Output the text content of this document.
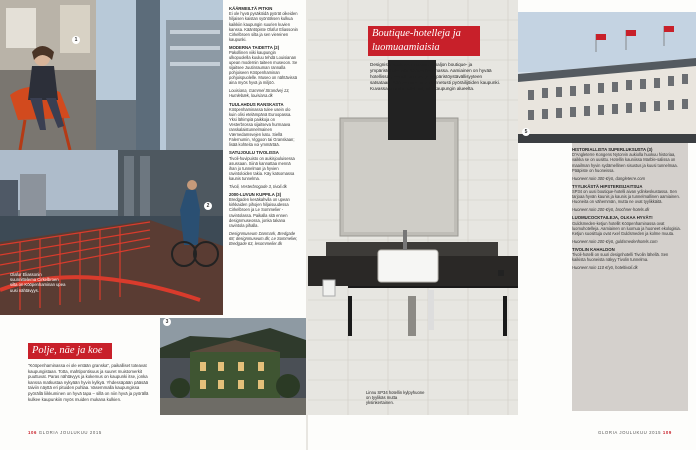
1
Olafur Eliassonin suunnittelema Cirkelbroen silta on Kööpenhaminan upea uusi nähtävyys.
2
Polje, näe ja koe
"Kööpenhaminassa ei ole entään granska", paikalliset toteavat kaupungistaan. Totta, mahtipontisuus ja suuret muistomerkit puuttuvat. Paras nähtävyys ja kokemus on kaupunki itse, jonka kanssa matkustaa nykyään hyvin kylkyä. Yhdessäpään pääsää taiviin näyttä eri pituiden puhlaa. Vasemmalla kaupungissa pyörällä liikkuminen on hyvä tapa – sillä on niin hyvä ja pyörällä kulkee kaupunkiin myös muiden mukana kulkien.
3
KÄÄRMEILTÄ PITKIN

Ei ole hyvä pysäköidä pyörät oikeiden hiljaisen kaistan syöntöksen kulkua kaikkiin kaupungin suurien kuvien kanssa. Kääntöpiste Olafur Eliassonin Cirkelbroen silta ja sen viereinen kaupunki.

MODERNA TAIDETTA (2)

Pakollinen viiki kaupungin ulkopuolella kuuluu tehdä Louisianan upean modernin taiteen museoon. Se sijaitsee Juutinrauman rannalla pohjoiseen Kööpenhaminan pohjoispuolelle. Museo on nähtävissä aina myös hyvä ja miljöö.

Louisiana, Gammel Strandvej 13, Humlebæk, louisiana.dk

TUULAHDUS RANSKASTA

Kööpenhaminassa tulee usein olo kuin olisi etelämpänä Euroopassa. Yksi lähimpiä paikkoja on Vesterbrossa sijaitseva hurmaava ranskalaistunnelmainen Værnedamsvejen katu. Siellä Falernumin, Viggoon tai Granskaan; lisää kohteita voi ymmärtää.

SATUJOULU TIVOLISSA

Tivoli-huvipuisto on aukisjouluisessa asussaan. Siinä kannattaa mennä ihan jo tunnelman ja hyvien ravintoloiden takia. Käy katsomassa kaunis tunnelma.

Tivoli, Vesterbrogade 3, tivoli.dk

2000-LUVUN KUPPILA (3)

Bredgaden kesäkahvila on upean kirkkaiden pihojen hiljaisuudessa Cirkelbroen ja Le Sommelier -ravintolassa. Paikalla sitä ennen designmuseossa, jonka takana ravintola pihalla.

Designmuseum Danmark, Bredgade 68; designmuseum.dk; Le Sommelier, Bredgade 63, lesommelier.dk

106 GLORIA JOULUKUU 2015
Linnu SP34 hotellin kylpyhuone on tyylikäs mutta yksinkertainen.
Boutique-hotelleja ja
luomuaamiaisia
Designista kuuluisa maassa on paljon boutique- ja ympäristöhotelleita Kööpenhaminassa. Aamiainen on hyvää hotellissa yleensä luomua, ja ympäristöystävällisyyteen satsataan. Kööpenhamina on tunnetusti pyöräilijöiden kaupunki. Kuvassa omasta hotelliketjusta kaupungin alueelta.
5
HISTORIALLISTA SUPERLUKSUSTA (3)

D'Angleterre Kongens Nytorvin aukiolla huokuu historiaa, vaikka se on uusittu. Hotellin kauniissa Marble-salissa on maailman hyvin sydämellinen sisustus ja kuusi tunnelmaa. Pääpiste on huoneissa.

Huoneet noin 300 €/yö, dangleterre.com

TYYLIKÄSTÄ HIPSTERISIJAITSUA

SP34 on uusi boutique-hotelli aivan ydinkeskustassa. Sen tarjoaa hyvän kaunis ja kaunis ja tunnelmallinen aamiainen. Huoneita on vähemmän, mutta ne ovat tyylikkäitä.

Huoneet noin 200 €/yö, brochner-hotels.dk

LUOMUCOCKTAILEJA, OLKAA HYVÄT!

Guldsmeden-ketjun hotellit Kööpenhaminassa ovat luomuhotelleja. Aamiainen on luomua ja huoneet ekologisia. Ketjun suosittuja ovat Axel Guldsmeden ja kolme muuta.

Huoneet noin 200 €/yö, guldsmedenhotels.com

TIVOLIN KAHALDON

Tivoli-hotelli on suuri designhotelli Tivolin lähellä. Sen kaikista huoneista näkyy Tivolin tunnelma.

Huoneet noin 110 €/yö, hoteltivoli.dk

GLORIA JOULUKUU 2015 109
